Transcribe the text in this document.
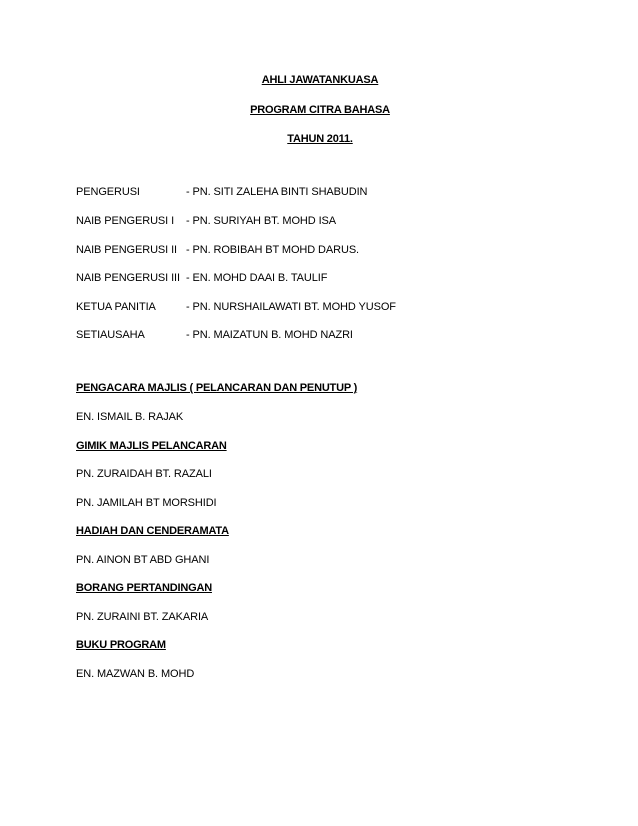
AHLI JAWATANKUASA
PROGRAM CITRA BAHASA
TAHUN 2011.
PENGERUSI	- PN. SITI ZALEHA BINTI SHABUDIN
NAIB PENGERUSI I - PN. SURIYAH BT. MOHD ISA
NAIB PENGERUSI II - PN. ROBIBAH BT MOHD DARUS.
NAIB PENGERUSI III - EN. MOHD DAAI B. TAULIF
KETUA PANITIA	- PN. NURSHAILAWATI BT. MOHD YUSOF
SETIAUSAHA	- PN. MAIZATUN B. MOHD NAZRI
PENGACARA MAJLIS ( PELANCARAN DAN PENUTUP )
EN. ISMAIL B. RAJAK
GIMIK MAJLIS PELANCARAN
PN. ZURAIDAH BT. RAZALI
PN. JAMILAH BT MORSHIDI
HADIAH DAN CENDERAMATA
PN. AINON BT ABD GHANI
BORANG PERTANDINGAN
PN. ZURAINI BT. ZAKARIA
BUKU PROGRAM
EN. MAZWAN B. MOHD
